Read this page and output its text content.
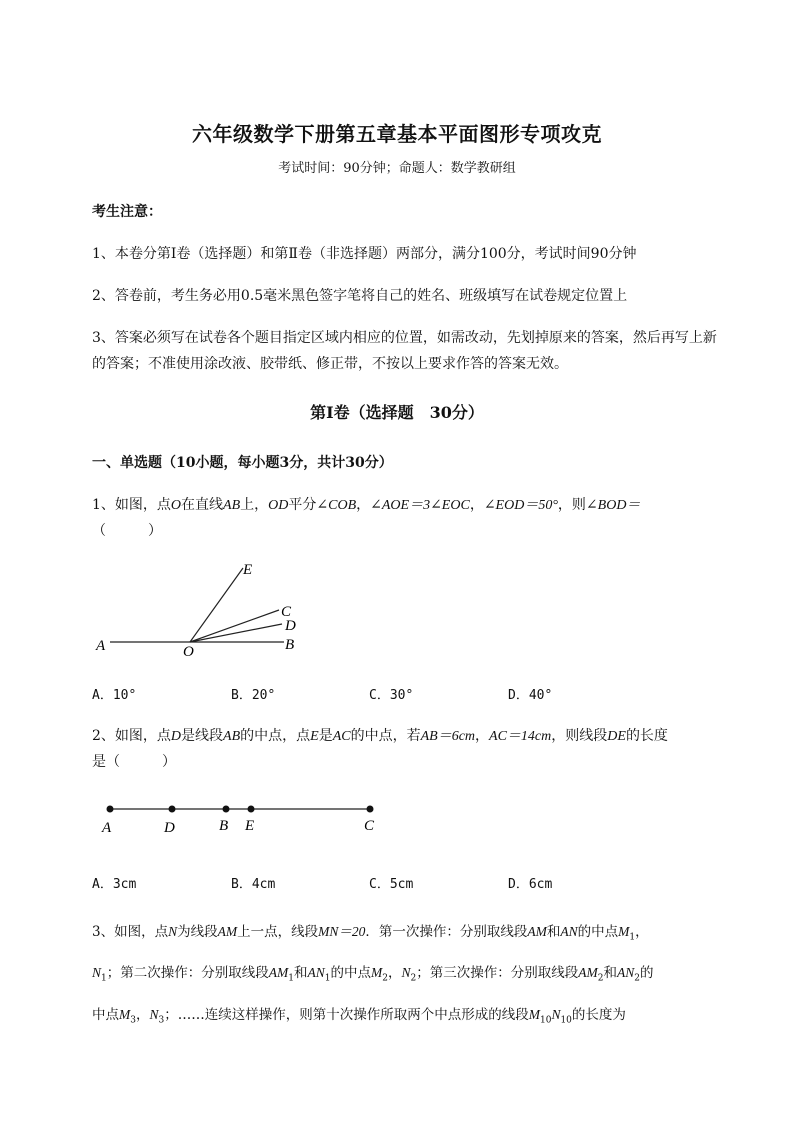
六年级数学下册第五章基本平面图形专项攻克
考试时间：90分钟；命题人：数学教研组
考生注意：
1、本卷分第I卷（选择题）和第Ⅱ卷（非选择题）两部分，满分100分，考试时间90分钟
2、答卷前，考生务必用0.5毫米黑色签字笔将自己的姓名、班级填写在试卷规定位置上
3、答案必须写在试卷各个题目指定区域内相应的位置，如需改动，先划掉原来的答案，然后再写上新
的答案；不准使用涂改液、胶带纸、修正带，不按以上要求作答的答案无效。
第I卷（选择题　30分）
一、单选题（10小题，每小题3分，共计30分）
1、如图，点O在直线AB上，OD平分∠COB，∠AOE＝3∠EOC，∠EOD＝50°，则∠BOD＝
（　　　）
E
C
D
A	O	B
A	D	B E	C
A．10°	B．20°	C．30°	D．40°
2、如图，点D是线段AB的中点，点E是AC的中点，若AB＝6cm，AC＝14cm，则线段DE的长度
是（　　　）
A．3cm	B．4cm	C．5cm	D．6cm
3、如图，点N为线段AM上一点，线段MN＝20．第一次操作：分别取线段AM和AN的中点$M_1$，
$N_1$；第二次操作：分别取线段$AM_1$和$AN_1$的中点$M_2$，$N_2$；第三次操作：分别取线段$AM_2$和$AN_2$的
中点$M_3$，$N_3$；……连续这样操作，则第十次操作所取两个中点形成的线段$M_{10}N_{10}$的长度为
